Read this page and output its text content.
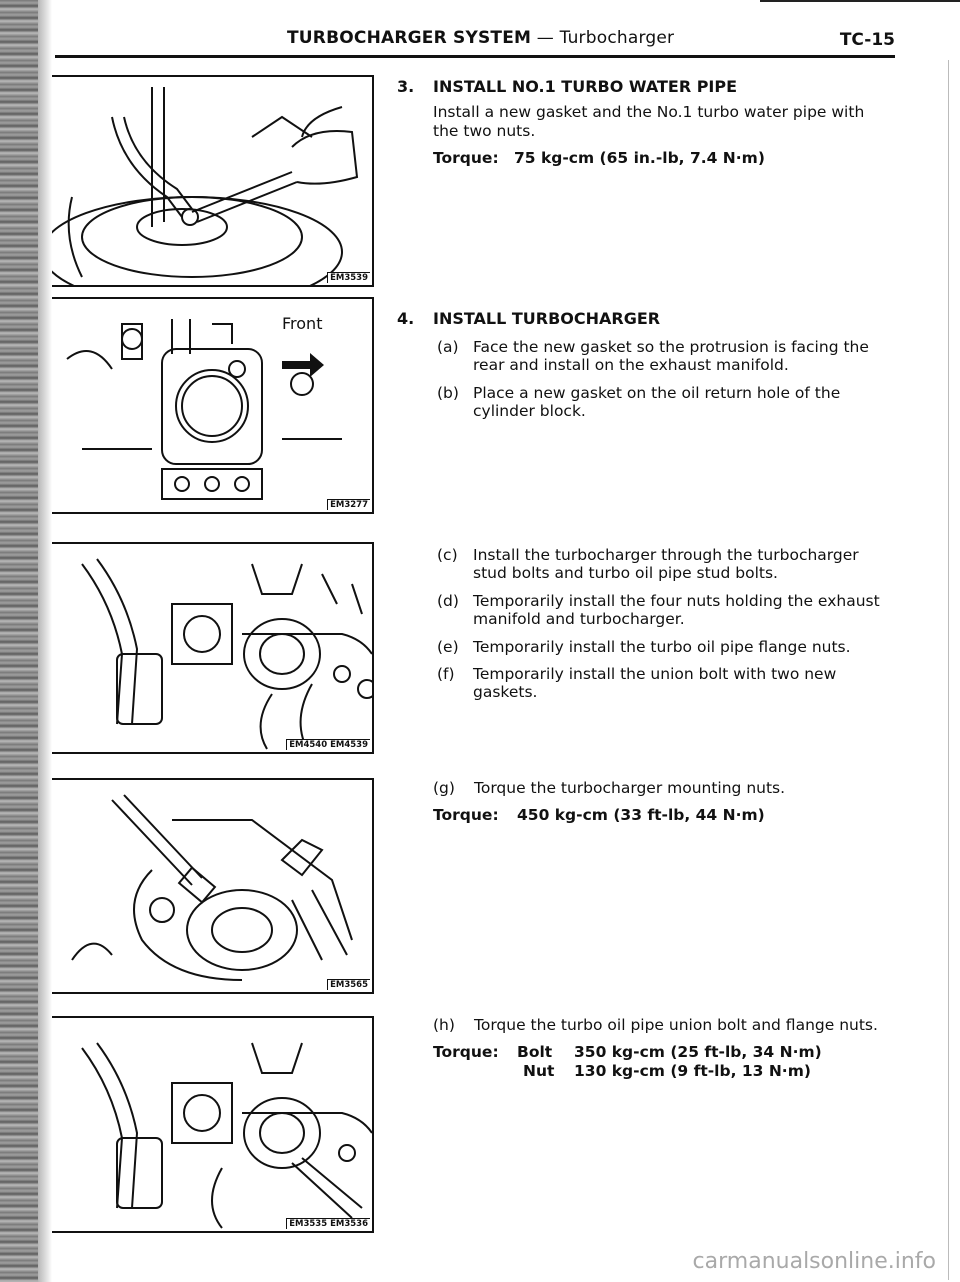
TURBOCHARGER SYSTEM — Turbocharger	TC-15
EM3539
Front
EM3277
EM4540 EM4539
EM3565
EM3535 EM3536
3. INSTALL NO.1 TURBO WATER PIPE
Install a new gasket and the No.1 turbo water pipe with
the two nuts.
Torque: 75 kg-cm (65 in.-lb, 7.4 N·m)
4. INSTALL TURBOCHARGER
(a) Face the new gasket so the protrusion is facing the
rear and install on the exhaust manifold.
(b) Place a new gasket on the oil return hole of the
cylinder block.
(c) Install the turbocharger through the turbocharger
stud bolts and turbo oil pipe stud bolts.
(d) Temporarily install the four nuts holding the exhaust
manifold and turbocharger.
(e) Temporarily install the turbo oil pipe flange nuts.
(f) Temporarily install the union bolt with two new
gaskets.
(g) Torque the turbocharger mounting nuts.
Torque: 450 kg-cm (33 ft-lb, 44 N·m)
(h) Torque the turbo oil pipe union bolt and flange nuts.
Torque: Bolt 350 kg-cm (25 ft-lb, 34 N·m)
Nut 130 kg-cm (9 ft-lb, 13 N·m)
carmanualsonline.info
